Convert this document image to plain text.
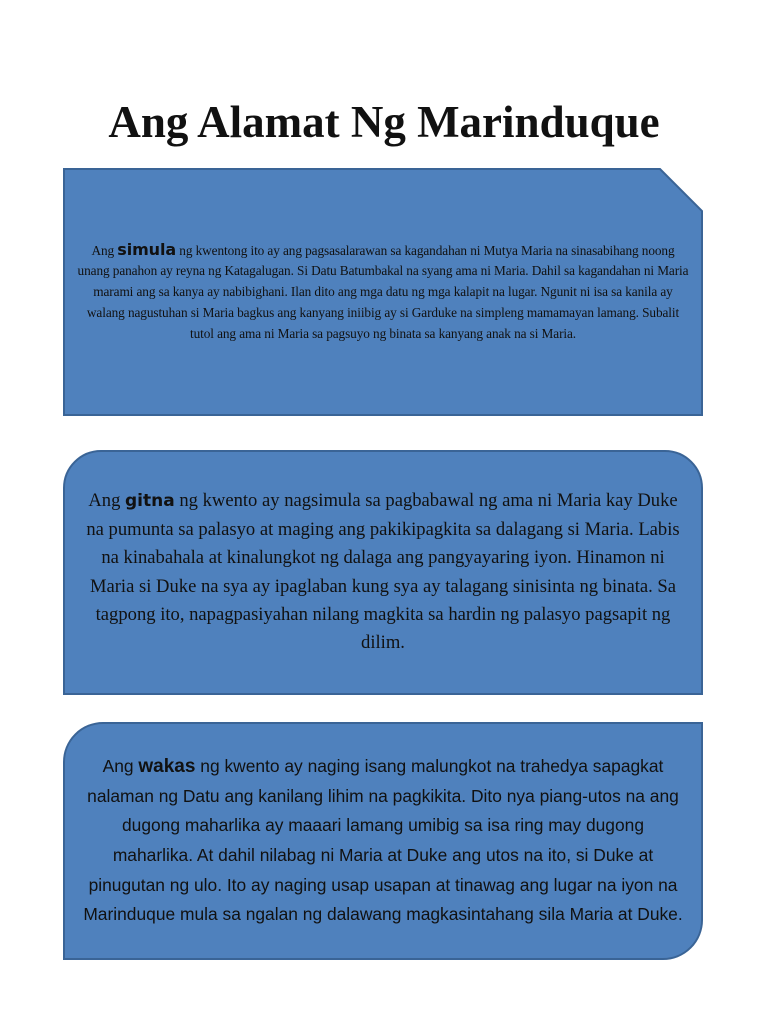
Ang Alamat Ng Marinduque

Ang simula ng kwentong ito ay ang pagsasalarawan sa kagandahan ni Mutya Maria na sinasabihang noong unang panahon ay reyna ng Katagalugan. Si Datu Batumbakal na syang ama ni Maria. Dahil sa kagandahan ni Maria marami ang sa kanya ay nabibighani. Ilan dito ang mga datu ng mga kalapit na lugar. Ngunit ni isa sa kanila ay walang nagustuhan si Maria bagkus ang kanyang iniibig ay si Garduke na simpleng mamamayan lamang. Subalit tutol ang ama ni Maria sa pagsuyo ng binata sa kanyang anak na si Maria.

Ang gitna ng kwento ay nagsimula sa pagbabawal ng ama ni Maria kay Duke na pumunta sa palasyo at maging ang pakikipagkita sa dalagang si Maria. Labis na kinabahala at kinalungkot ng dalaga ang pangyayaring iyon. Hinamon ni Maria si Duke na sya ay ipaglaban kung sya ay talagang sinisinta ng binata. Sa tagpong ito, napagpasiyahan nilang magkita sa hardin ng palasyo pagsapit ng dilim.

Ang wakas ng kwento ay naging isang malungkot na trahedya sapagkat nalaman ng Datu ang kanilang lihim na pagkikita. Dito nya piang-utos na ang dugong maharlika ay maaari lamang umibig sa isa ring may dugong maharlika. At dahil nilabag ni Maria at Duke ang utos na ito, si Duke at pinugutan ng ulo. Ito ay naging usap usapan at tinawag ang lugar na iyon na Marinduque mula sa ngalan ng dalawang magkasintahang sila Maria at Duke.
